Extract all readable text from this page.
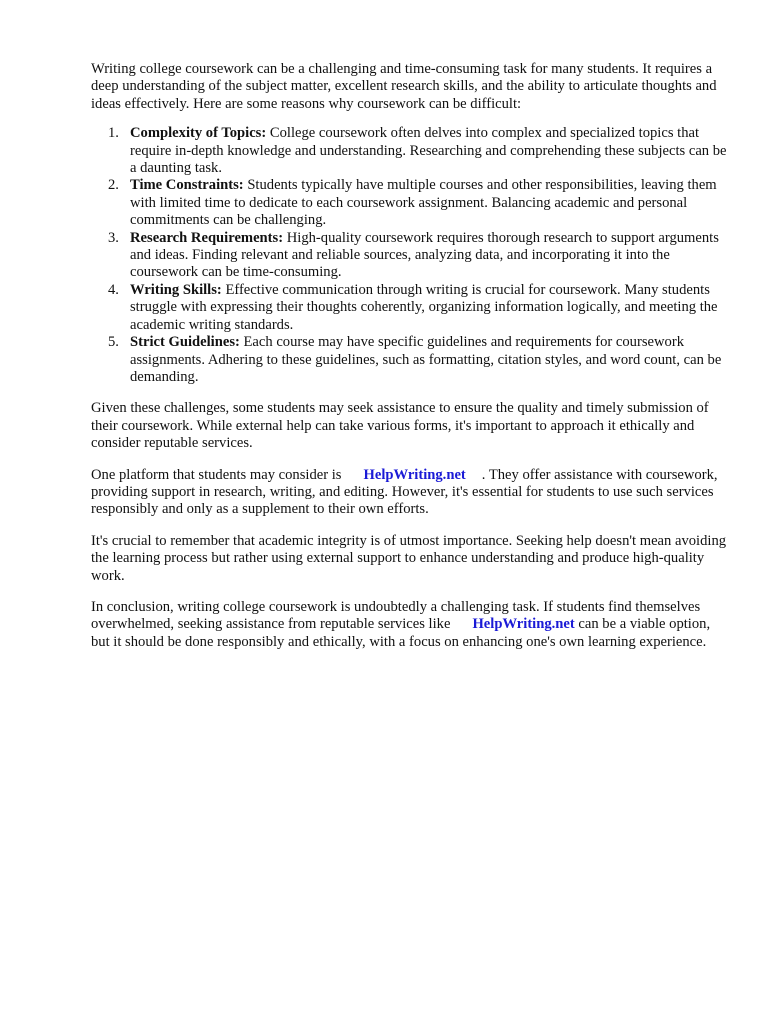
Writing college coursework can be a challenging and time-consuming task for many students. It requires a deep understanding of the subject matter, excellent research skills, and the ability to articulate thoughts and ideas effectively. Here are some reasons why coursework can be difficult:

1. Complexity of Topics: College coursework often delves into complex and specialized topics that require in-depth knowledge and understanding. Researching and comprehending these subjects can be a daunting task.
2. Time Constraints: Students typically have multiple courses and other responsibilities, leaving them with limited time to dedicate to each coursework assignment. Balancing academic and personal commitments can be challenging.
3. Research Requirements: High-quality coursework requires thorough research to support arguments and ideas. Finding relevant and reliable sources, analyzing data, and incorporating it into the coursework can be time-consuming.
4. Writing Skills: Effective communication through writing is crucial for coursework. Many students struggle with expressing their thoughts coherently, organizing information logically, and meeting the academic writing standards.
5. Strict Guidelines: Each course may have specific guidelines and requirements for coursework assignments. Adhering to these guidelines, such as formatting, citation styles, and word count, can be demanding.

Given these challenges, some students may seek assistance to ensure the quality and timely submission of their coursework. While external help can take various forms, it's important to approach it ethically and consider reputable services.

One platform that students may consider is HelpWriting.net . They offer assistance with coursework, providing support in research, writing, and editing. However, it's essential for students to use such services responsibly and only as a supplement to their own efforts.

It's crucial to remember that academic integrity is of utmost importance. Seeking help doesn't mean avoiding the learning process but rather using external support to enhance understanding and produce high-quality work.

In conclusion, writing college coursework is undoubtedly a challenging task. If students find themselves overwhelmed, seeking assistance from reputable services like HelpWriting.net can be a viable option, but it should be done responsibly and ethically, with a focus on enhancing one's own learning experience.
